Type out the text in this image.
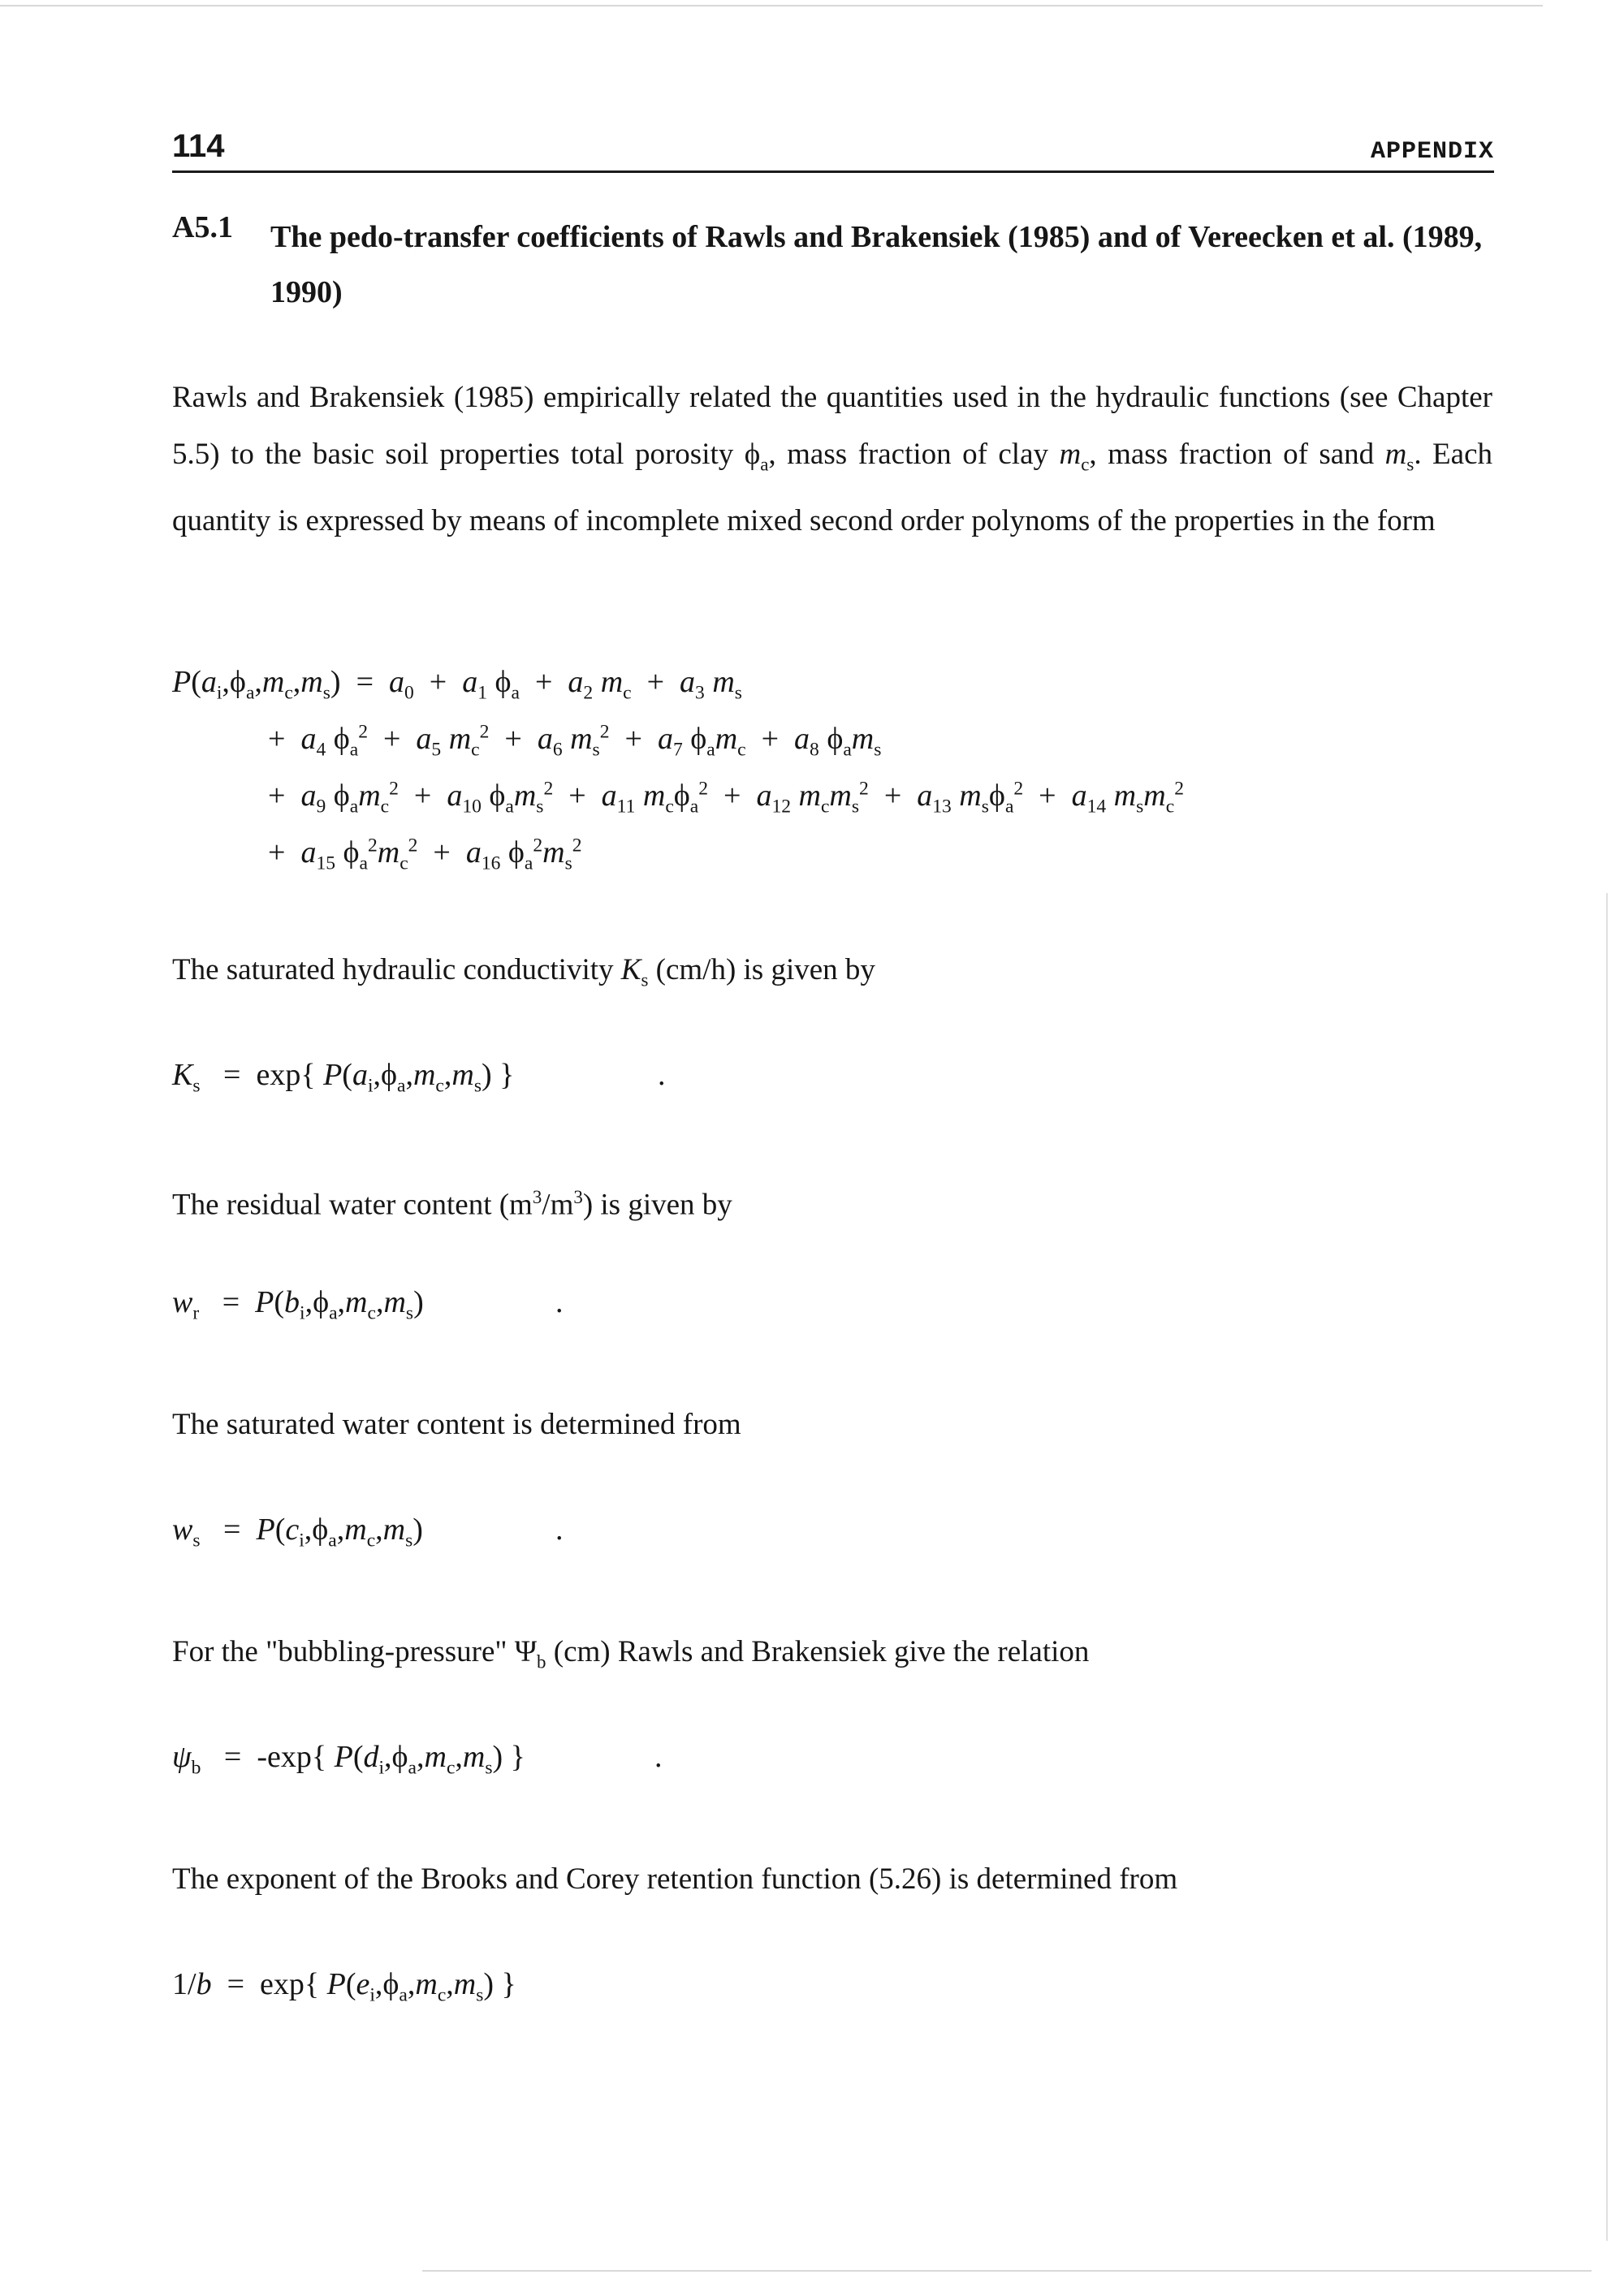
114	APPENDIX
A5.1 The pedo-transfer coefficients of Rawls and Brakensiek (1985) and of Vereecken et al. (1989, 1990)
Rawls and Brakensiek (1985) empirically related the quantities used in the hydraulic functions (see Chapter 5.5) to the basic soil properties total porosity $\phi_a$, mass fraction of clay $m_c$, mass fraction of sand $m_s$. Each quantity is expressed by means of incomplete mixed second order polynoms of the properties in the form
$P(a_i,\phi_a,m_c,m_s) = a_0 + a_1$ $\phi_a + a_2$ $m_c + a_3$ $m_s$
+  $a_4$ $\phi_a^2 + a_5$ $m_c^2 + a_6$ $m_s^2 + a_7$ $\phi_am_c + a_8$ $\phi_am_s$
+  $a_9$ $\phi_am_c^2 + a_{10}$ $\phi_am_s^2 + a_{11}$ $m_c\phi_a^2 + a_{12}$ $m_cm_s^2 + a_{13}$ $m_s\phi_a^2 + a_{14}$ $m_sm_c^2$
+  $a_{15}$ $\phi_a^2m_c^2 + a_{16}$ $\phi_a^2m_s^2$
The saturated hydraulic conductivity $K_s$ (cm/h) is given by
$K_s = \exp${ $P(a_i,\phi_a,m_c,m_s)$ }	.
The residual water content $(m^3/m^3)$ is given by
$w_r = P(b_i,\phi_a,m_c,m_s)$	.
The saturated water content is determined from
$w_s = P(c_i,\phi_a,m_c,m_s)$	.
For the "bubbling-pressure" $\Psi_b$ (cm) Rawls and Brakensiek give the relation
$\psi_b = -\exp${ $P(d_i,\phi_a,m_c,m_s)$ }	.
The exponent of the Brooks and Corey retention function (5.26) is determined from
1/b  =  exp{ $P(e_i,\phi_a,m_c,m_s)$ }
